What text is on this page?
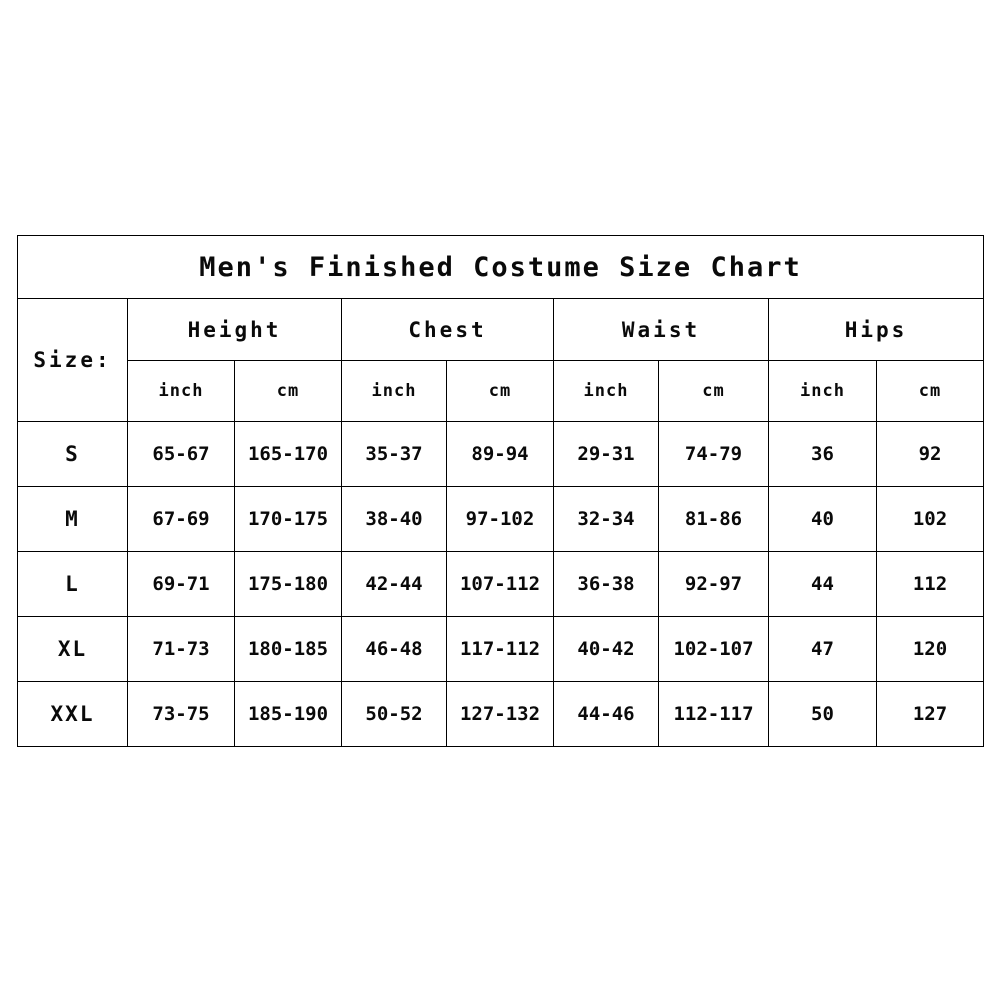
Men's Finished Costume Size Chart								
Size:	Height		Chest		Waist		Hips	
	inch	cm	inch	cm	inch	cm	inch	cm
S	65-67	165-170	35-37	89-94	29-31	74-79	36	92
M	67-69	170-175	38-40	97-102	32-34	81-86	40	102
L	69-71	175-180	42-44	107-112	36-38	92-97	44	112
XL	71-73	180-185	46-48	117-112	40-42	102-107	47	120
XXL	73-75	185-190	50-52	127-132	44-46	112-117	50	127
